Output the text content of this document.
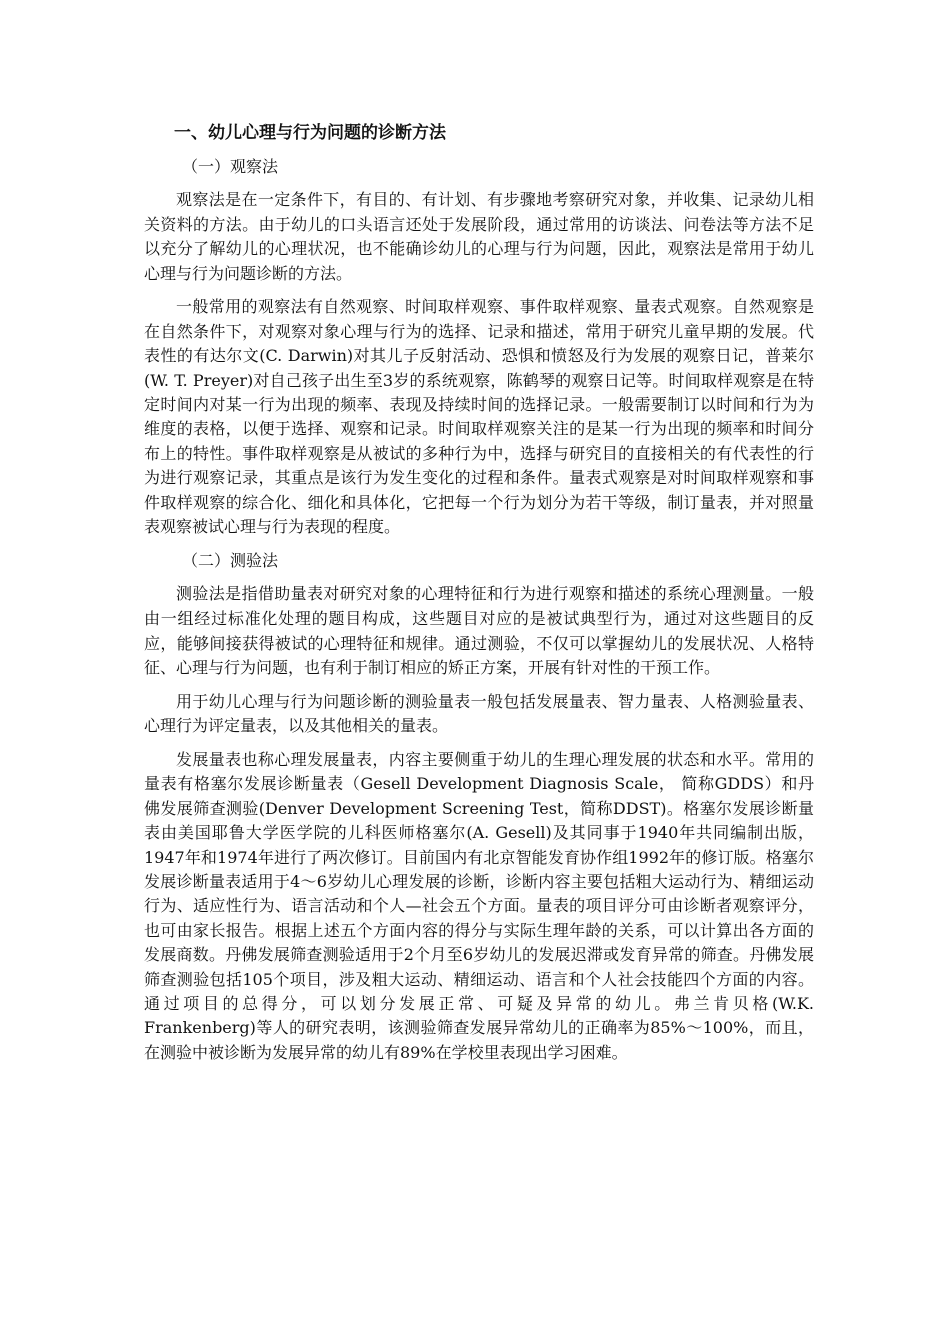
一、幼儿心理与行为问题的诊断方法
（一）观察法

观察法是在一定条件下，有目的、有计划、有步骤地考察研究对象，并收集、记录幼儿相关资料的方法。由于幼儿的口头语言还处于发展阶段，通过常用的访谈法、问卷法等方法不足以充分了解幼儿的心理状况，也不能确诊幼儿的心理与行为问题，因此，观察法是常用于幼儿心理与行为问题诊断的方法。

一般常用的观察法有自然观察、时间取样观察、事件取样观察、量表式观察。自然观察是在自然条件下，对观察对象心理与行为的选择、记录和描述，常用于研究儿童早期的发展。代表性的有达尔文(C. Darwin)对其儿子反射活动、恐惧和愤怒及行为发展的观察日记，普莱尔(W. T. Preyer)对自己孩子出生至3岁的系统观察，陈鹤琴的观察日记等。时间取样观察是在特定时间内对某一行为出现的频率、表现及持续时间的选择记录。一般需要制订以时间和行为为维度的表格，以便于选择、观察和记录。时间取样观察关注的是某一行为出现的频率和时间分布上的特性。事件取样观察是从被试的多种行为中，选择与研究目的直接相关的有代表性的行为进行观察记录，其重点是该行为发生变化的过程和条件。量表式观察是对时间取样观察和事件取样观察的综合化、细化和具体化，它把每一个行为划分为若干等级，制订量表，并对照量表观察被试心理与行为表现的程度。

（二）测验法

测验法是指借助量表对研究对象的心理特征和行为进行观察和描述的系统心理测量。一般由一组经过标准化处理的题目构成，这些题目对应的是被试典型行为，通过对这些题目的反应，能够间接获得被试的心理特征和规律。通过测验，不仅可以掌握幼儿的发展状况、人格特征、心理与行为问题，也有利于制订相应的矫正方案，开展有针对性的干预工作。

用于幼儿心理与行为问题诊断的测验量表一般包括发展量表、智力量表、人格测验量表、心理行为评定量表，以及其他相关的量表。

发展量表也称心理发展量表，内容主要侧重于幼儿的生理心理发展的状态和水平。常用的量表有格塞尔发展诊断量表（Gesell Development Diagnosis Scale， 简称GDDS）和丹佛发展筛查测验(Denver Development Screening Test，简称DDST)。格塞尔发展诊断量表由美国耶鲁大学医学院的儿科医师格塞尔(A. Gesell)及其同事于1940年共同编制出版，1947年和1974年进行了两次修订。目前国内有北京智能发育协作组1992年的修订版。格塞尔发展诊断量表适用于4～6岁幼儿心理发展的诊断，诊断内容主要包括粗大运动行为、精细运动行为、适应性行为、语言活动和个人—社会五个方面。量表的项目评分可由诊断者观察评分，也可由家长报告。根据上述五个方面内容的得分与实际生理年龄的关系，可以计算出各方面的发展商数。丹佛发展筛查测验适用于2个月至6岁幼儿的发展迟滞或发育异常的筛查。丹佛发展筛查测验包括105个项目，涉及粗大运动、精细运动、语言和个人社会技能四个方面的内容。通过项目的总得分，可以划分发展正常、可疑及异常的幼儿。弗兰肯贝格(W.K. Frankenberg)等人的研究表明，该测验筛查发展异常幼儿的正确率为85%～100%，而且，在测验中被诊断为发展异常的幼儿有89%在学校里表现出学习困难。
